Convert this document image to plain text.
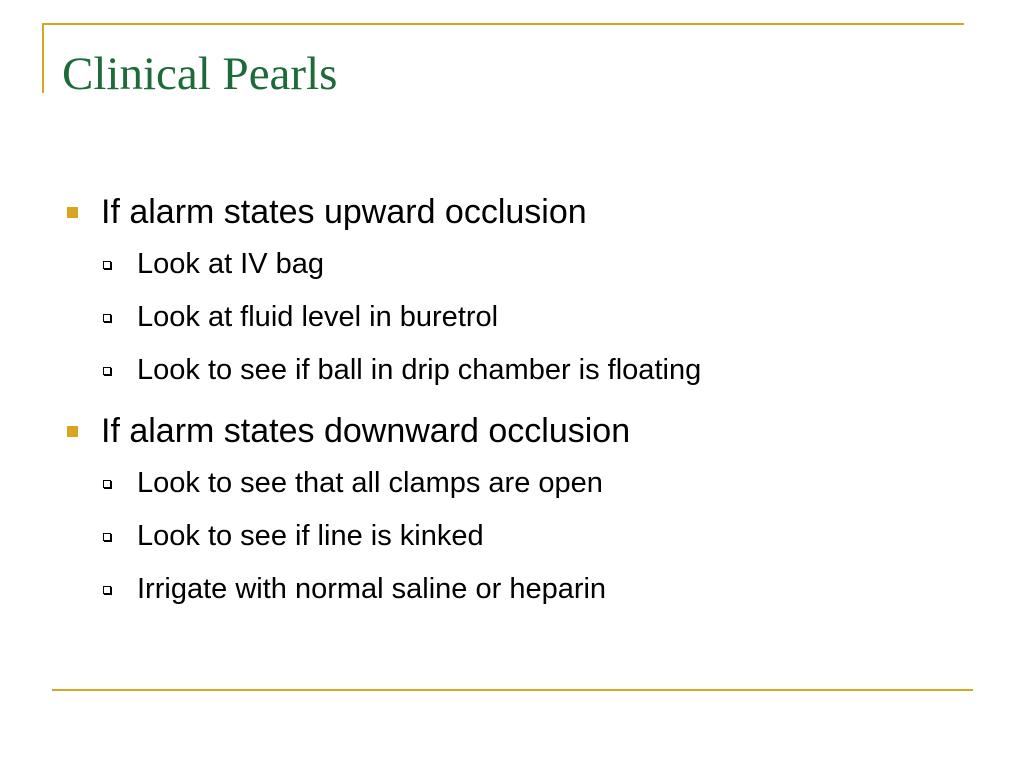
Clinical Pearls
If alarm states upward occlusion
Look at IV bag
Look at fluid level in buretrol
Look to see if ball in drip chamber is floating
If alarm states downward occlusion
Look to see that all clamps are open
Look to see if line is kinked
Irrigate with normal saline or heparin
